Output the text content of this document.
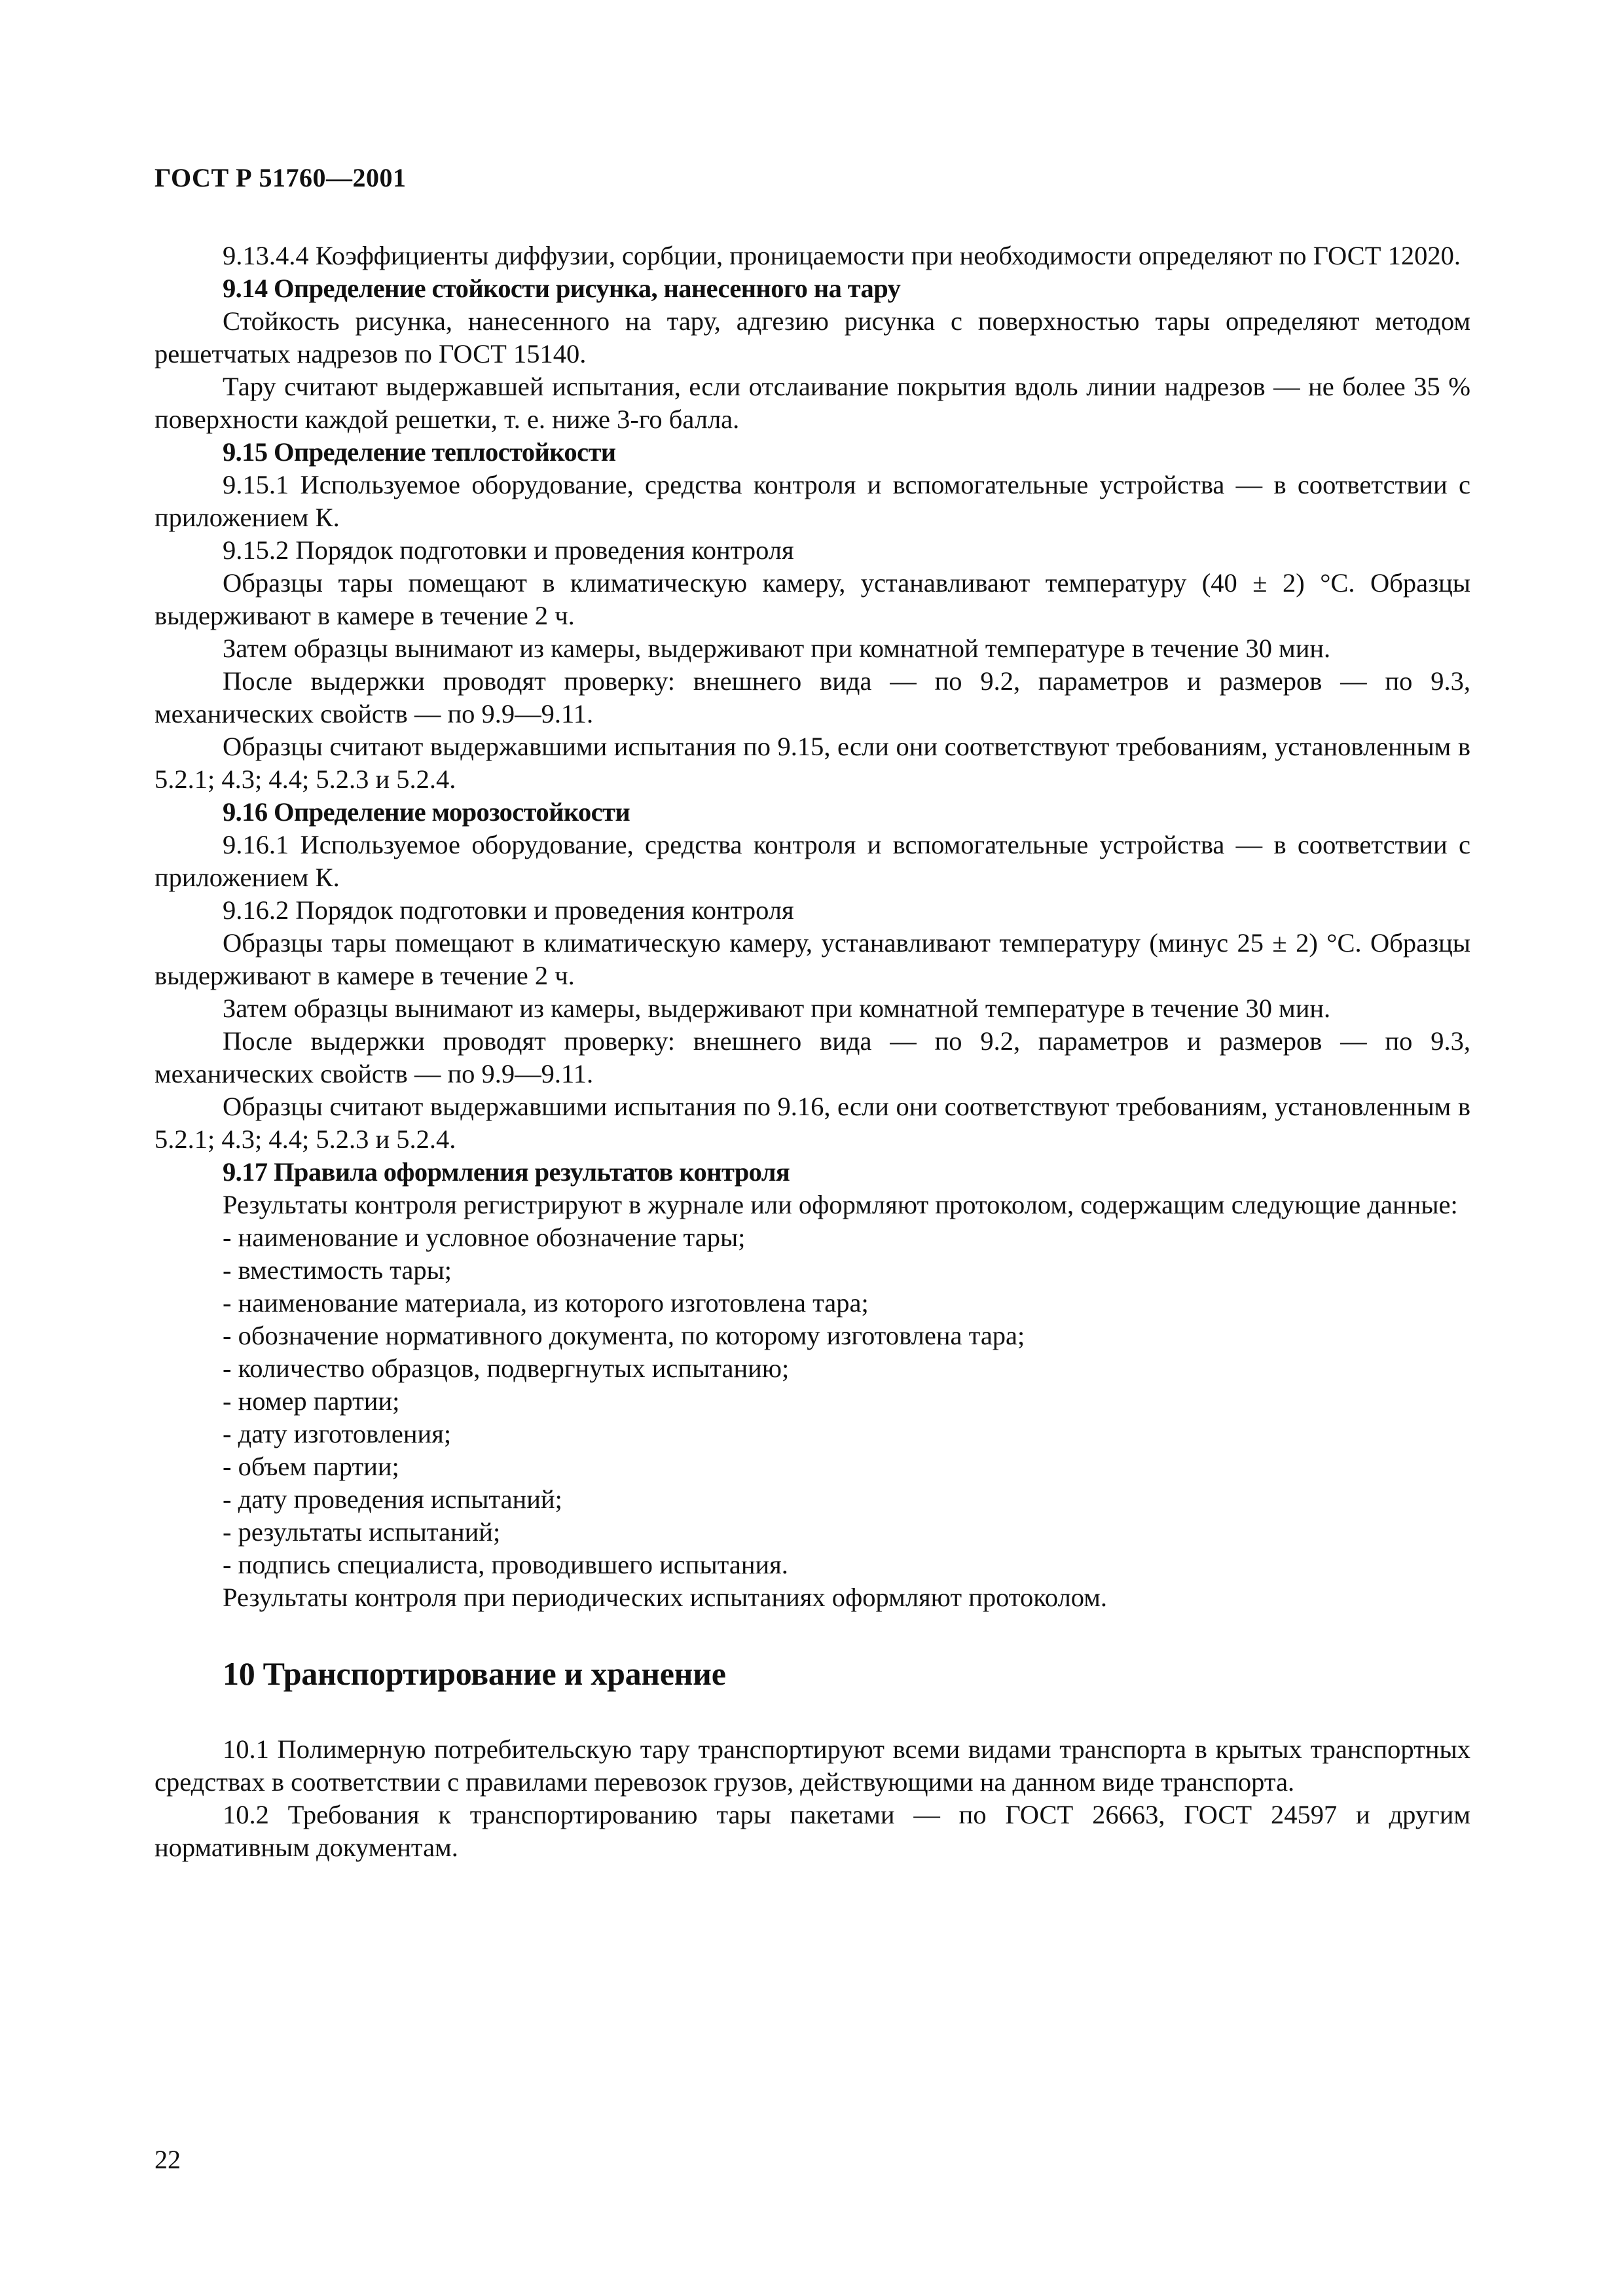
ГОСТ Р 51760—2001

9.13.4.4 Коэффициенты диффузии, сорбции, проницаемости при необходимости определяют по ГОСТ 12020.

9.14 Определение стойкости рисунка, нанесенного на тару

Стойкость рисунка, нанесенного на тару, адгезию рисунка с поверхностью тары определяют методом решетчатых надрезов по ГОСТ 15140.

Тару считают выдержавшей испытания, если отслаивание покрытия вдоль линии надрезов — не более 35 % поверхности каждой решетки, т. е. ниже 3-го балла.

9.15 Определение теплостойкости

9.15.1 Используемое оборудование, средства контроля и вспомогательные устройства — в соответствии с приложением К.

9.15.2 Порядок подготовки и проведения контроля

Образцы тары помещают в климатическую камеру, устанавливают температуру (40 ± 2) °С. Образцы выдерживают в камере в течение 2 ч.

Затем образцы вынимают из камеры, выдерживают при комнатной температуре в течение 30 мин.

После выдержки проводят проверку: внешнего вида — по 9.2, параметров и размеров — по 9.3, механических свойств — по 9.9—9.11.

Образцы считают выдержавшими испытания по 9.15, если они соответствуют требованиям, установленным в 5.2.1; 4.3; 4.4; 5.2.3 и 5.2.4.

9.16 Определение морозостойкости

9.16.1 Используемое оборудование, средства контроля и вспомогательные устройства — в соответствии с приложением К.

9.16.2 Порядок подготовки и проведения контроля

Образцы тары помещают в климатическую камеру, устанавливают температуру (минус 25 ± 2) °С. Образцы выдерживают в камере в течение 2 ч.

Затем образцы вынимают из камеры, выдерживают при комнатной температуре в течение 30 мин.

После выдержки проводят проверку: внешнего вида — по 9.2, параметров и размеров — по 9.3, механических свойств — по 9.9—9.11.

Образцы считают выдержавшими испытания по 9.16, если они соответствуют требованиям, установленным в 5.2.1; 4.3; 4.4; 5.2.3 и 5.2.4.

9.17 Правила оформления результатов контроля

Результаты контроля регистрируют в журнале или оформляют протоколом, содержащим следующие данные:

- наименование и условное обозначение тары;

- вместимость тары;

- наименование материала, из которого изготовлена тара;

- обозначение нормативного документа, по которому изготовлена тара;

- количество образцов, подвергнутых испытанию;

- номер партии;

- дату изготовления;

- объем партии;

- дату проведения испытаний;

- результаты испытаний;

- подпись специалиста, проводившего испытания.

Результаты контроля при периодических испытаниях оформляют протоколом.

10 Транспортирование и хранение

10.1 Полимерную потребительскую тару транспортируют всеми видами транспорта в крытых транспортных средствах в соответствии с правилами перевозок грузов, действующими на данном виде транспорта.

10.2 Требования к транспортированию тары пакетами — по ГОСТ 26663, ГОСТ 24597 и другим нормативным документам.

22
